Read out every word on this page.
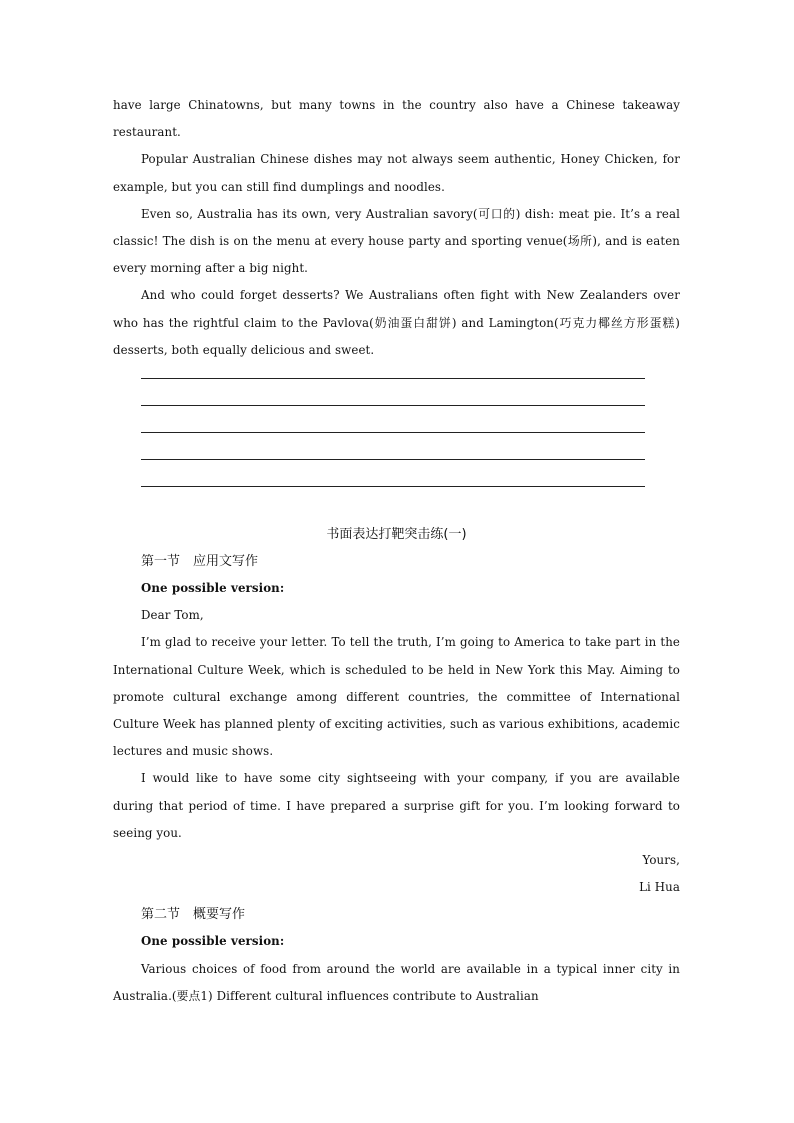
have large Chinatowns, but many towns in the country also have a Chinese takeaway restaurant.

Popular Australian Chinese dishes may not always seem authentic, Honey Chicken, for example, but you can still find dumplings and noodles.

Even so, Australia has its own, very Australian savory(可口的) dish: meat pie. It’s a real classic! The dish is on the menu at every house party and sporting venue(场所), and is eaten every morning after a big night.

And who could forget desserts? We Australians often fight with New Zealanders over who has the rightful claim to the Pavlova(奶油蛋白甜饼) and Lamington(巧克力椰丝方形蛋糕) desserts, both equally delicious and sweet.

书面表达打靶突击练(一)
第一节　应用文写作

One possible version:

Dear Tom,

I’m glad to receive your letter. To tell the truth, I’m going to America to take part in the International Culture Week, which is scheduled to be held in New York this May. Aiming to promote cultural exchange among different countries, the committee of International Culture Week has planned plenty of exciting activities, such as various exhibitions, academic lectures and music shows.

I would like to have some city sightseeing with your company, if you are available during that period of time. I have prepared a surprise gift for you. I’m looking forward to seeing you.

Yours,

Li Hua

第二节　概要写作

One possible version:

Various choices of food from around the world are available in a typical inner city in Australia.(要点1) Different cultural influences contribute to Australian
